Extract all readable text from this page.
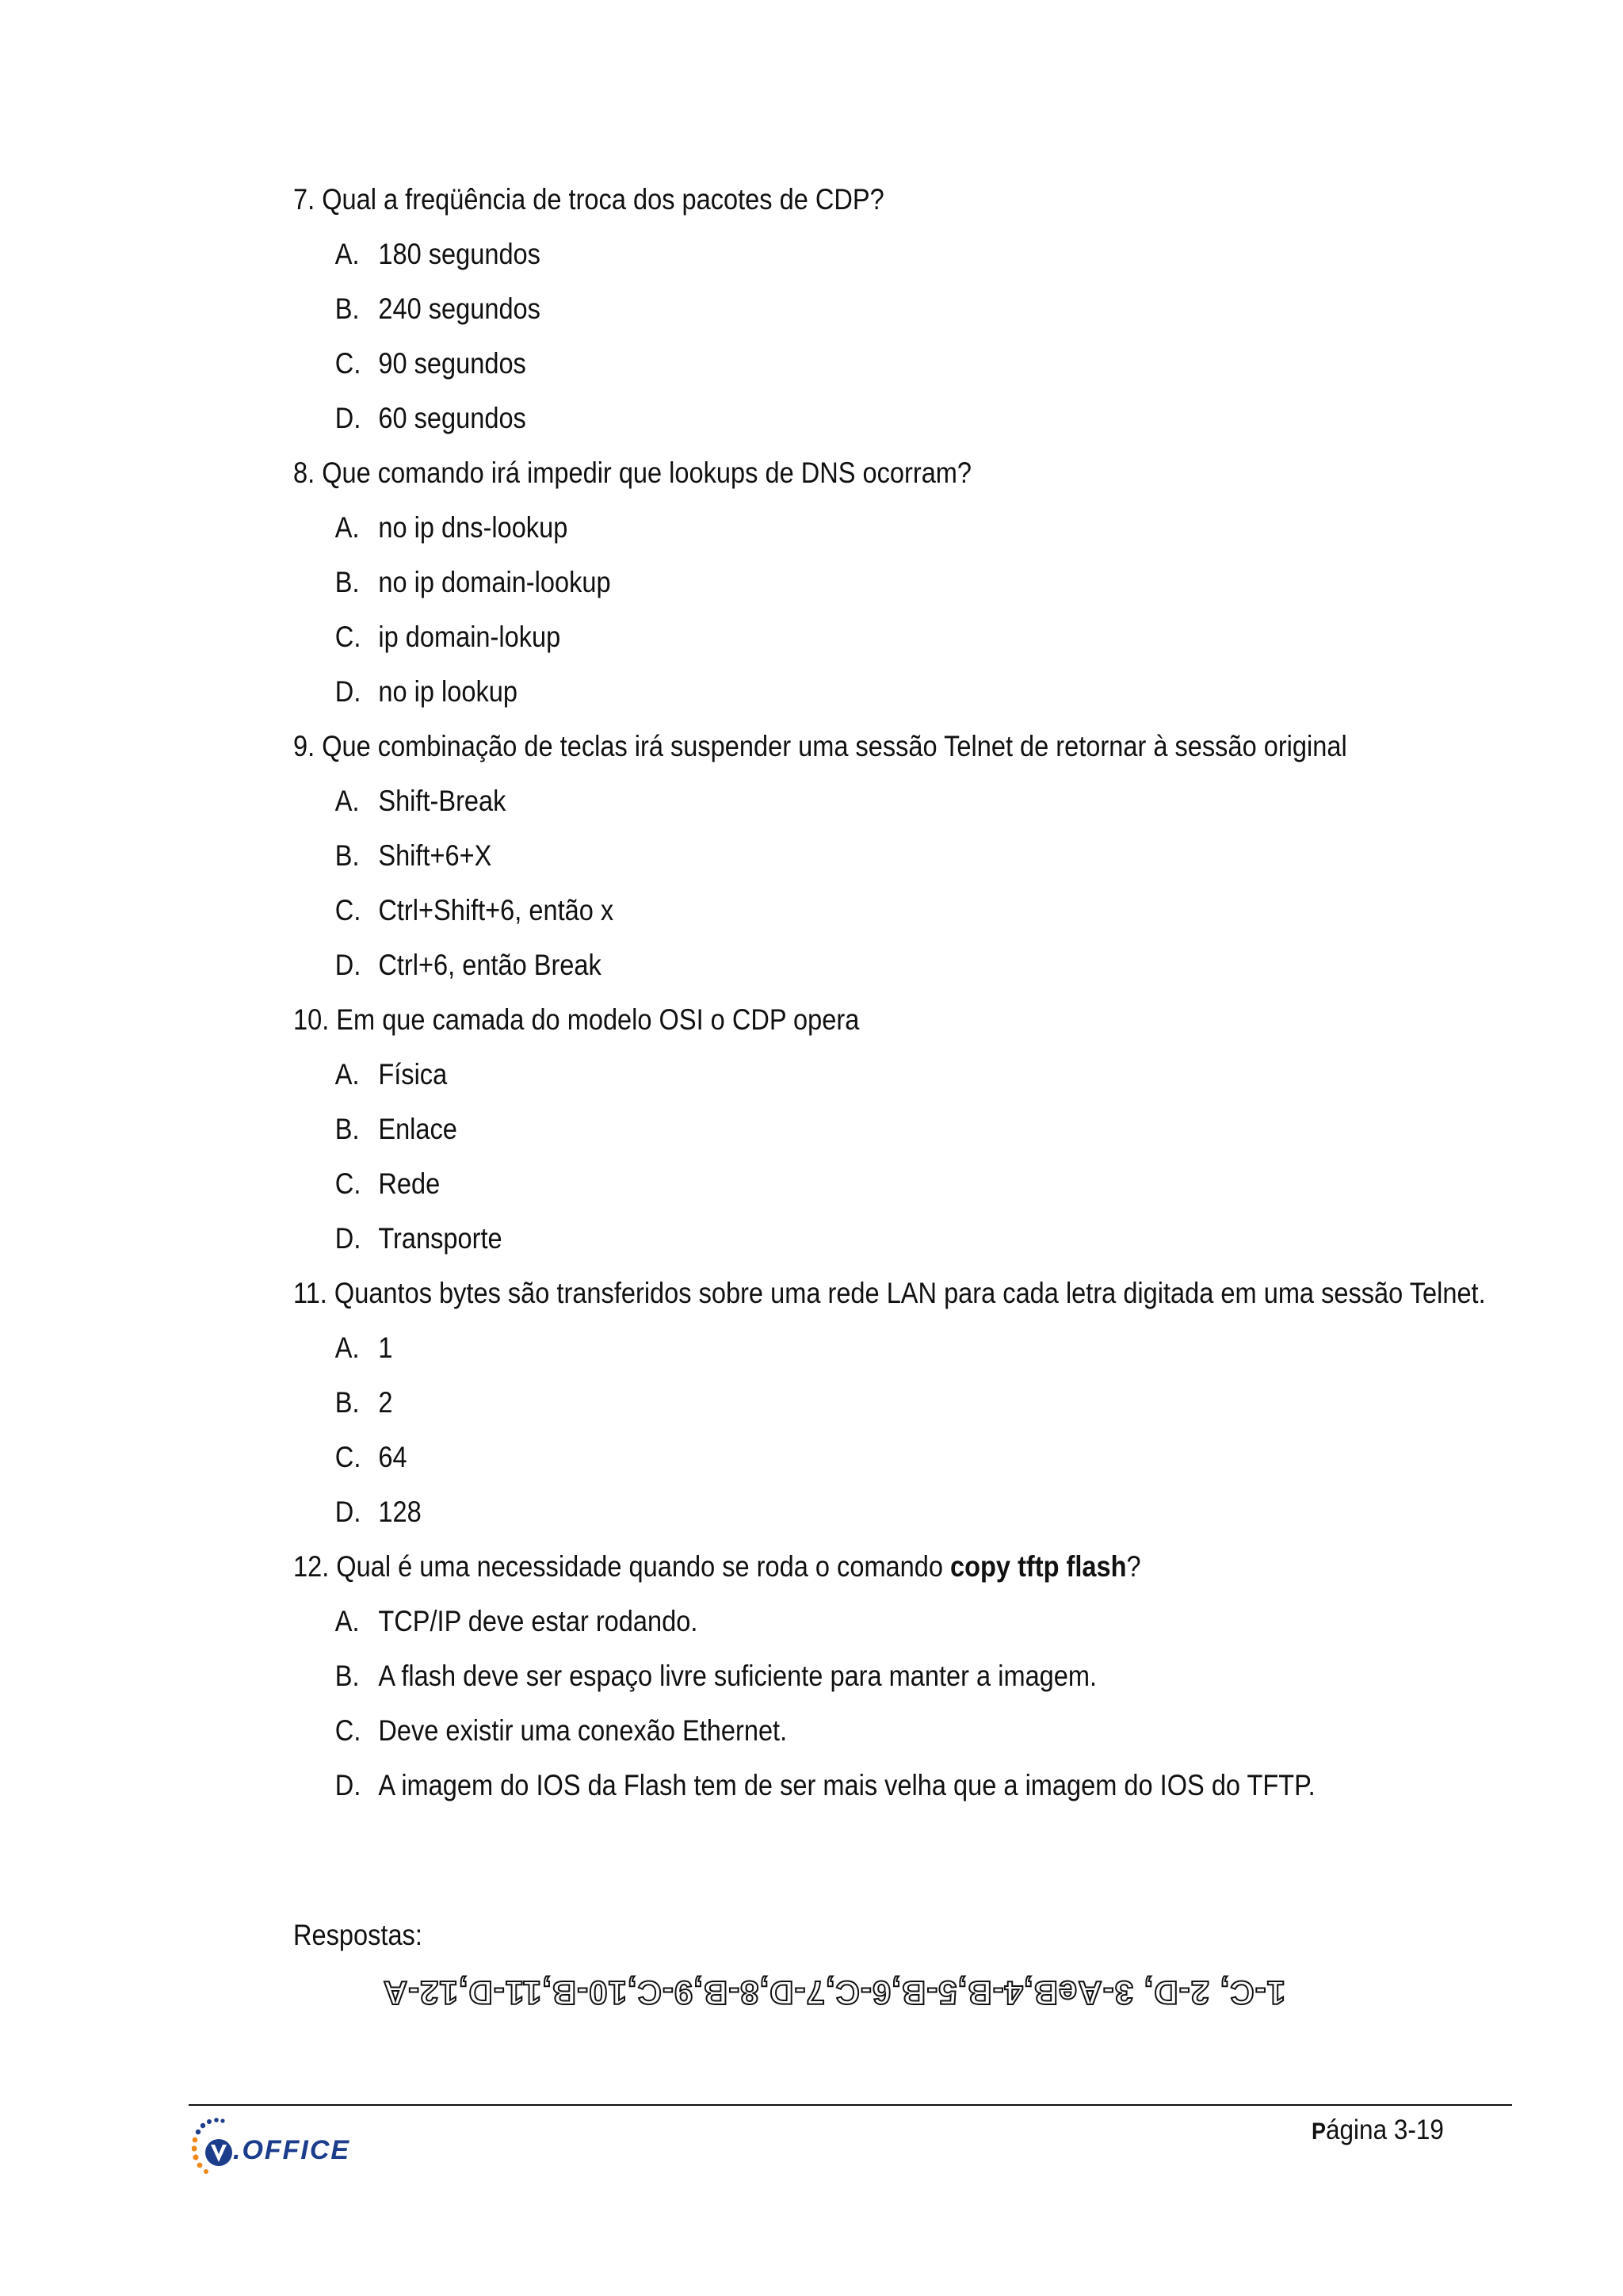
7. Qual a freqüência de troca dos pacotes de CDP?
A. 180 segundos
B. 240 segundos
C. 90 segundos
D. 60 segundos
8. Que comando irá impedir que lookups de DNS ocorram?
A. no ip dns-lookup
B. no ip domain-lookup
C. ip domain-lokup
D. no ip lookup
9. Que combinação de teclas irá suspender uma sessão Telnet de retornar à sessão original
A. Shift-Break
B. Shift+6+X
C. Ctrl+Shift+6, então x
D. Ctrl+6, então Break
10. Em que camada do modelo OSI o CDP opera
A. Física
B. Enlace
C. Rede
D. Transporte
11. Quantos bytes são transferidos sobre uma rede LAN para cada letra digitada em uma sessão Telnet.
A. 1
B. 2
C. 64
D. 128
12. Qual é uma necessidade quando se roda o comando copy tftp flash?
A. TCP/IP deve estar rodando.
B. A flash deve ser espaço livre suficiente para manter a imagem.
C. Deve existir uma conexão Ethernet.
D. A imagem do IOS da Flash tem de ser mais velha que a imagem do IOS do TFTP.
Respostas:
1-C, 2-D, 3-AeB,4-B,5-B,6-C,7-D,8-B,9-C,10-B,11-D,12-A
.OFFICE
Página 3-19
